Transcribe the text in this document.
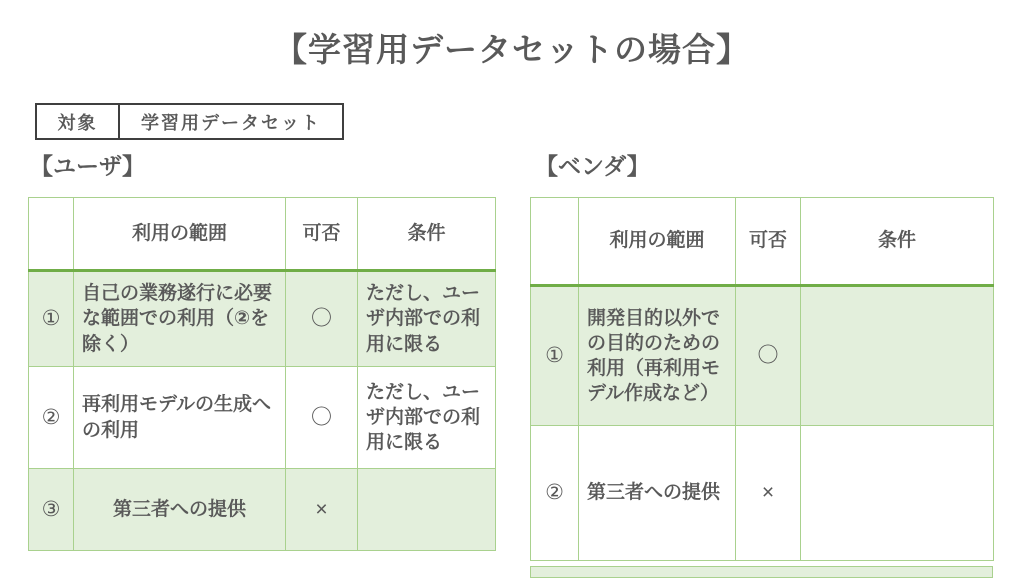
【学習用データセットの場合】
対象	学習用データセット
【ユーザ】	【ベンダ】
	利用の範囲	可否	条件
①	自己の業務遂行に必要な範囲での利用（②を除く）	〇	ただし、ユーザ内部での利用に限る
②	再利用モデルの生成への利用	〇	ただし、ユーザ内部での利用に限る
③	第三者への提供	×	
	利用の範囲	可否	条件
①	開発目的以外での目的のための利用（再利用モデル作成など）	〇	
②	第三者への提供	×	
